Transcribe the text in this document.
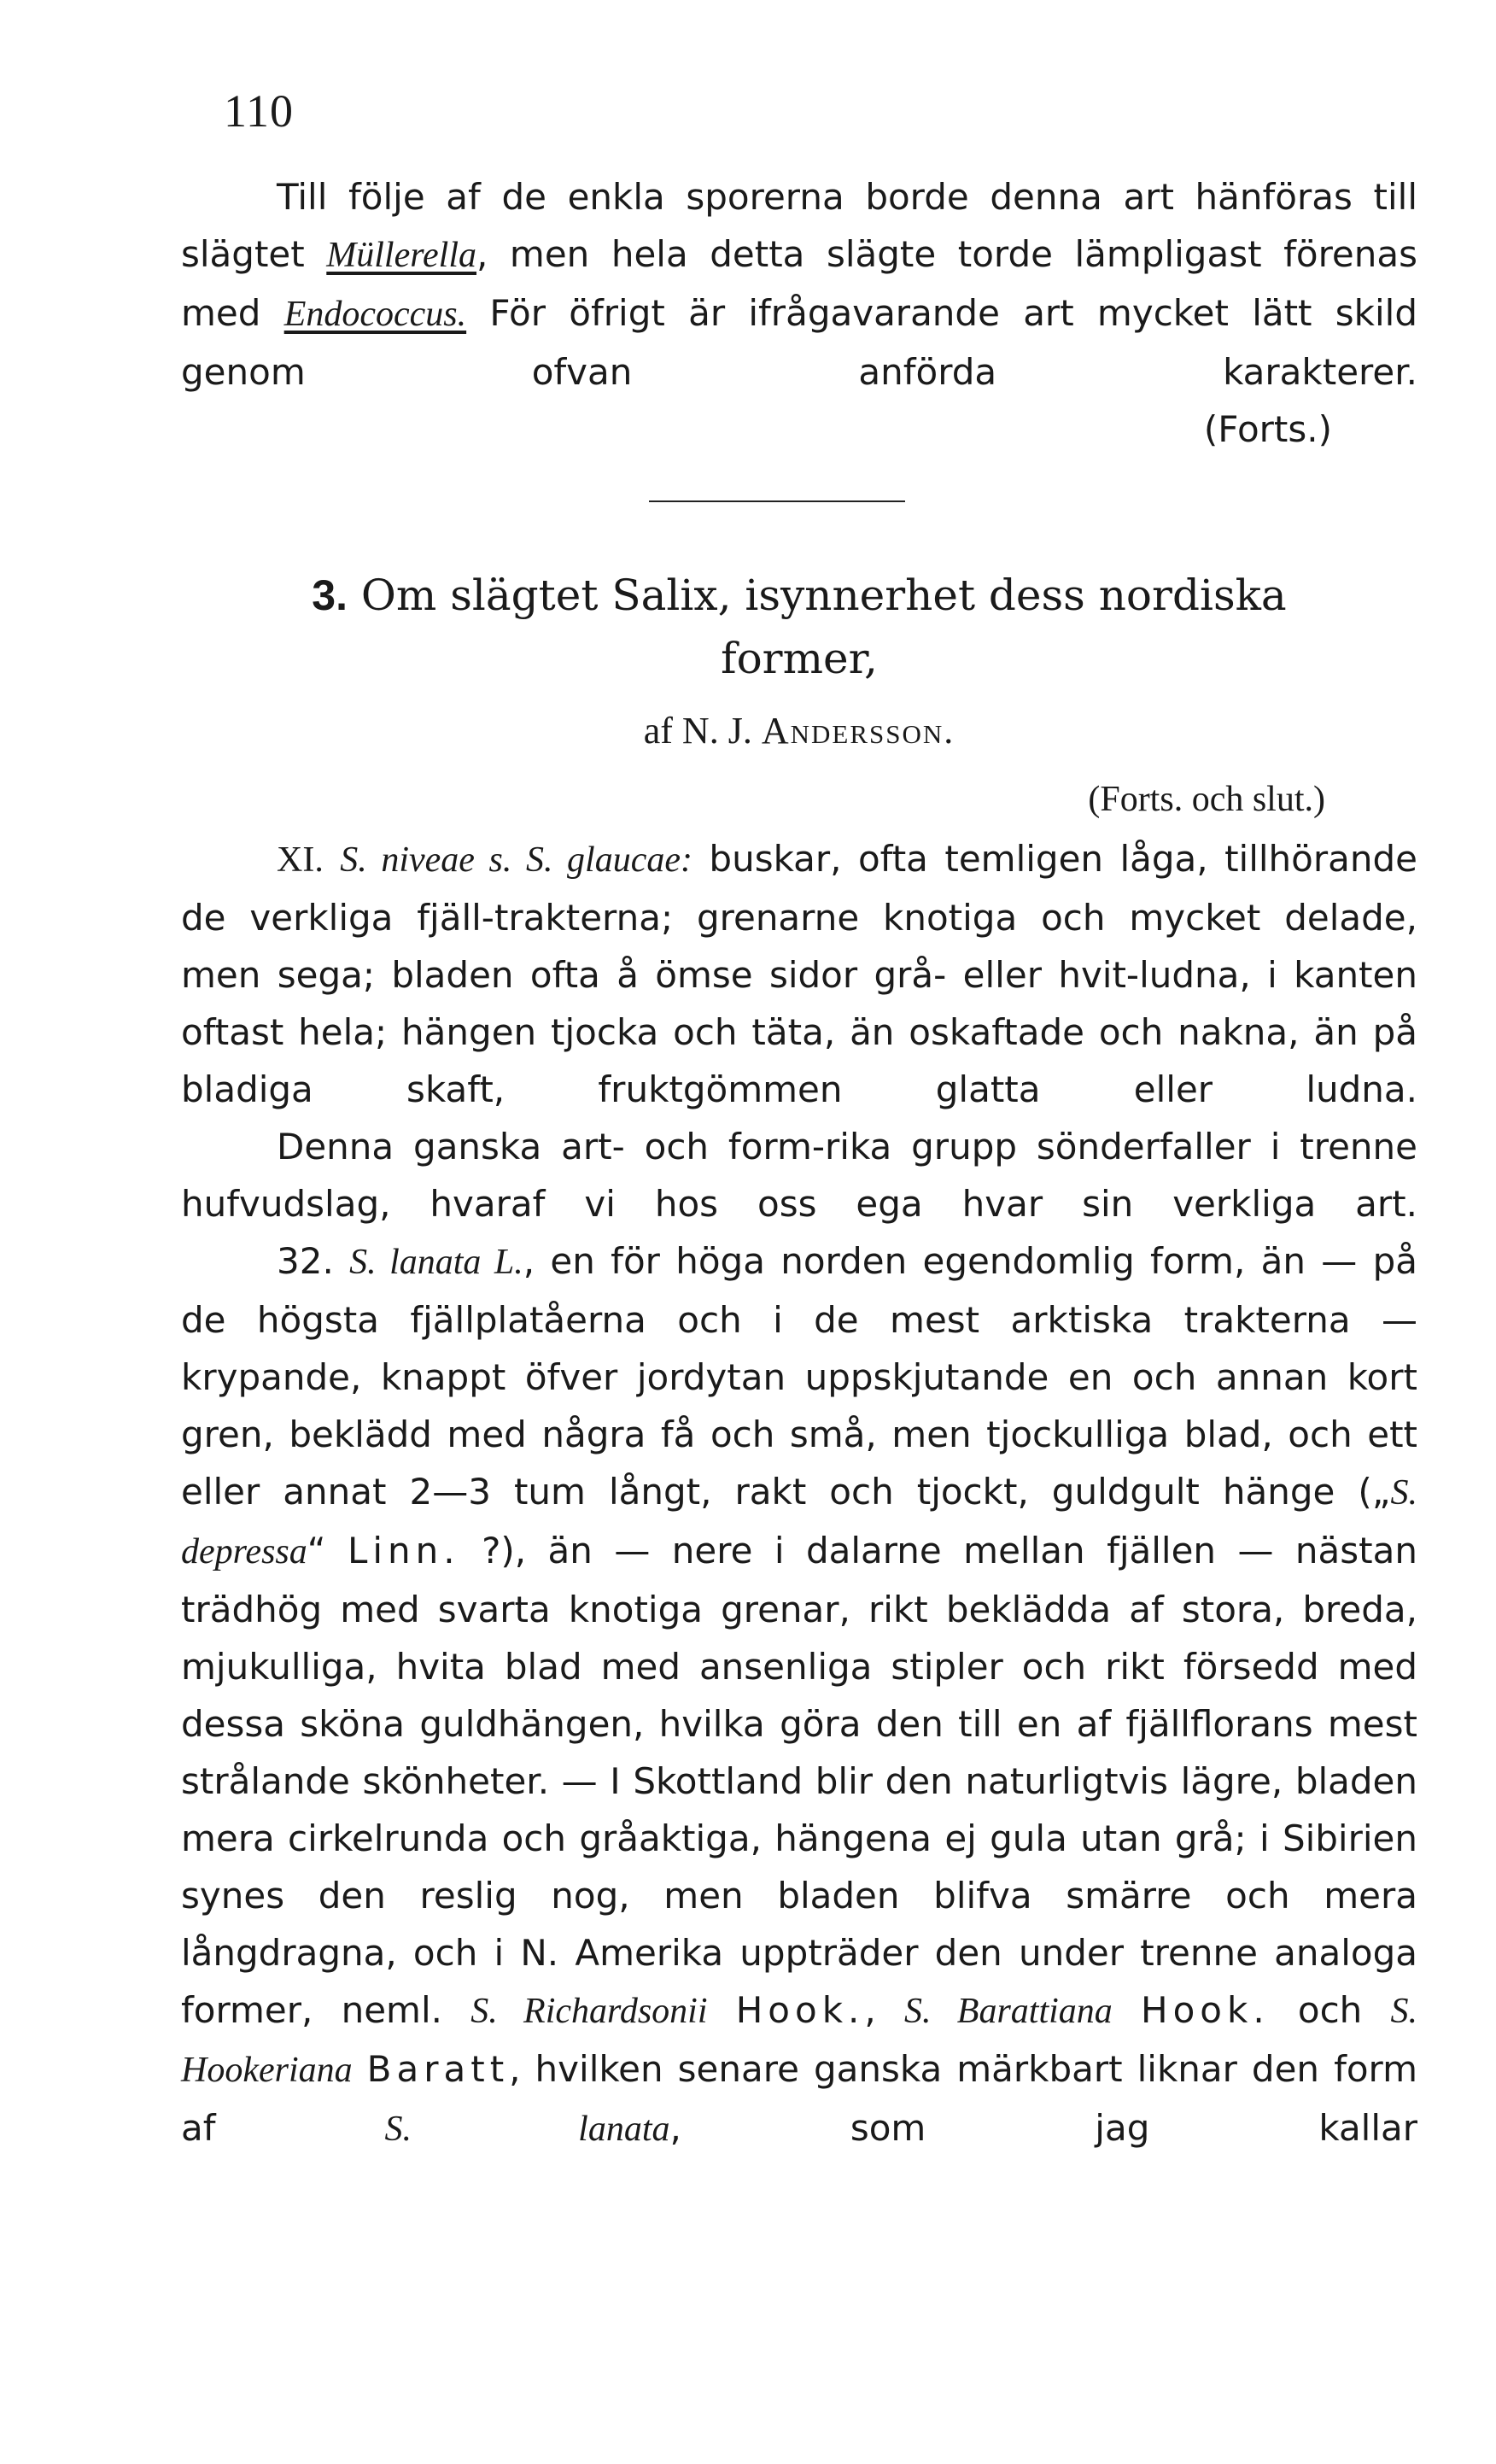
110

Till följe af de enkla sporerna borde denna art hänföras till slägtet Müllerella, men hela detta slägte torde lämpligast förenas med Endococcus. För öfrigt är ifrågavarande art mycket lätt skild genom ofvan anförda karakterer.

(Forts.)

3. Om slägtet Salix, isynnerhet dess nordiska
former,
af N. J. Andersson.
(Forts. och slut.)

XI. S. niveae s. S. glaucae: buskar, ofta temligen låga, tillhörande de verkliga fjäll-trakterna; grenarne knotiga och mycket delade, men sega; bladen ofta å ömse sidor grå- eller hvit-ludna, i kanten oftast hela; hängen tjocka och täta, än oskaftade och nakna, än på bladiga skaft, fruktgömmen glatta eller ludna.

Denna ganska art- och form-rika grupp sönderfaller i trenne hufvudslag, hvaraf vi hos oss ega hvar sin verkliga art.

32. S. lanata L., en för höga norden egendomlig form, än — på de högsta fjällplatåerna och i de mest arktiska trakterna — krypande, knappt öfver jordytan uppskjutande en och annan kort gren, beklädd med några få och små, men tjockulliga blad, och ett eller annat 2—3 tum långt, rakt och tjockt, guldgult hänge („S. depressa“ Linn. ?), än — nere i dalarne mellan fjällen — nästan trädhög med svarta knotiga grenar, rikt beklädda af stora, breda, mjukulliga, hvita blad med ansenliga stipler och rikt försedd med dessa sköna guldhängen, hvilka göra den till en af fjällflorans mest strålande skönheter. — I Skottland blir den naturligtvis lägre, bladen mera cirkelrunda och gråaktiga, hängena ej gula utan grå; i Sibirien synes den reslig nog, men bladen blifva smärre och mera långdragna, och i N. Amerika uppträder den under trenne analoga former, neml. S. Richardsonii Hook., S. Barattiana Hook. och S. Hookeriana Baratt, hvilken senare ganska märkbart liknar den form af S. lanata, som jag kallar
